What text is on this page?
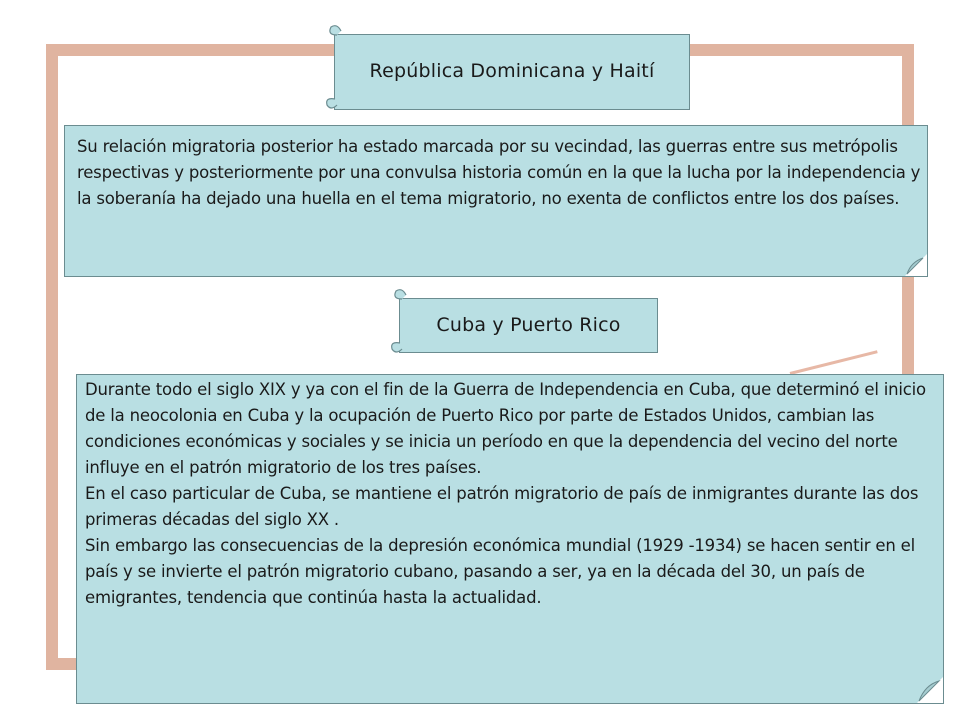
República Dominicana y Haití
Su relación migratoria posterior ha estado marcada por su vecindad, las guerras entre sus metrópolis respectivas y posteriormente por una convulsa historia común en la que la lucha por la independencia y la soberanía ha dejado una huella en el tema migratorio, no exenta de conflictos entre los dos países.
Cuba y Puerto Rico

Durante todo el siglo XIX y ya con el fin de la Guerra de Independencia en Cuba, que determinó el inicio de la neocolonia en Cuba y la ocupación de Puerto Rico por parte de Estados Unidos, cambian las condiciones económicas y sociales y se inicia un período en que la dependencia del vecino del norte influye en el patrón migratorio de los tres países.

En el caso particular de Cuba, se mantiene el patrón migratorio de país de inmigrantes durante las dos primeras décadas del siglo XX .

Sin embargo las consecuencias de la depresión económica mundial (1929 -1934) se hacen sentir en el país y se invierte el patrón migratorio cubano, pasando a ser, ya en la década del 30, un país de emigrantes, tendencia que continúa hasta la actualidad.
